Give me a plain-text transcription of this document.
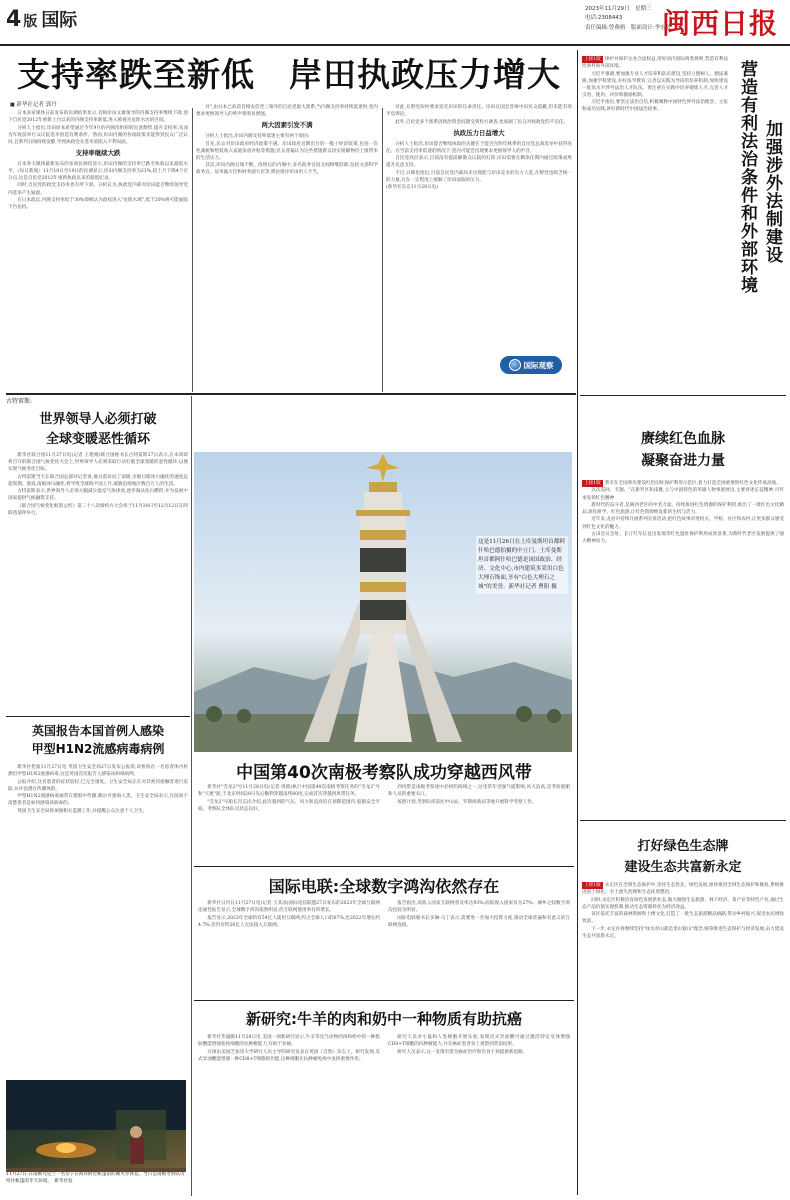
4 版 国际
2023年11月29日　星期三
电话:2308443
责任编辑:曾燕榕　版面设计:李宏芳
闽西日报
支持率跌至新低　岸田执政压力增大
■ 新华社记者 郭丹

日本多家媒体日前发布的民调结果显示,首相岸田文雄领导的内阁支持率继续下降,创下自民党2012年重新上台以来的内阁支持率新低,进入被视为危险水位的区间。

分析人士指出,岸田原本希望通过今年9月的内阁改组扭转民意颓势,提升支持率,从而为年底前举行众议院选举创造有利条件。然而,岸田内阁的各项政策未能得到民众广泛认同,且系列丑闻持续发酵,导致执政党在选举前陷入不利局面。

支持率继续大跌

日本各大媒体最新发布的多项民调均显示,岸田内阁的支持率已跌至执政以来最低水平。《每日新闻》11月18日至19日的民调显示,岸田内阁支持率为21%,较上月下降4个百分点,这是自民党2012年重新执政以来的最低纪录。

同时,自民党的政党支持率也有所下滑。分析认为,执政党内部对岸田能否继续领导党内选举产生疑虑。

在日本政坛,内阁支持率低于30%即被认为政权进入"危险水域",低于20%则可能面临下台危机。

对",由日本已故前首相安倍晋三领导的自民党最大派系,当内阁支持率持续低迷时,党内要求更换领导人的呼声将明显增强。

两大因素引发不满

分析人士指出,岸田内阁支持率低迷主要有两个原因:

首先,民众对岸田政府经济政策不满。岸田政府近期出台的一揽子经济政策,包括一次性减税和给低收入家庭发放补贴等措施,民众普遍认为这些措施难以切实缓解物价上涨带来的生活压力。

其次,岸田内阁丑闻不断。改组后的内阁中,多名政务官因丑闻相继辞职,包括文部科学政务官、法务副大臣和财务副大臣等,舆论批评岸田用人不当。

对此,在野党纷纷要求追究岸田的任命责任。岸田在国会答辩中向民众道歉,但未能有效平息舆论。

此外,自民党多个派系因政治资金问题受到检方调查,也加剧了民众对执政党的不信任。

执政压力日益增大

分析人士指出,岸田能否继续执政的关键在于能否在明年秋季的自民党总裁选举中获得连任。在当前支持率低迷的情况下,党内可能会出现要求更换领导人的声音。

自民党高层表示,目前没有提前解散众议院的打算,岸田需要在剩余任期内通过政策成果提升民意支持。

不过,日媒也指出,目前自民党内部尚未出现能与岸田竞争的有力人选,在野党也缺乏统一的力量,这在一定程度上缓解了岸田面临的压力。

(新华社东京11月28日电)

国际观察
营造有利法治条件和外部环境 加强涉外法制建设

上接1版 律护并保护企业合法权益,用好国内国际两类规则,营造有利法治条件和外部环境。

习近平强调,要加强专业人才培养和队伍建设,坚持立德树人、德法兼修,加强学科建设,办好法学教育,完善以实践为导向的培养机制,加快建设一批高水平涉外法治人才队伍。要注重在实践中培养锻炼人才,完善人才引进、使用、评价和激励机制。

习近平指出,要坚定法治自信,积极阐释中国特色涉外法治理念、主张和成功实践,讲好新时代中国法治故事。

赓续红色血脉
凝聚奋进力量

上接1版 我市在全国率先建设红色旧址保护利用示范区,着力打造全国重要的红色文化传承高地。

这次巡回、专题、"在新罗区和南雅,立与中国特色的英雄人物事迹展出,主要讲述长征精神,可传承发扬红色精神

新时代的奋斗者,是闽西老区的中坚力量。持续推进红色资源的保护利用,推出了一批红色文化精品,深化研学、红色旅游,让红色资源焕发新的生机与活力。

近年来,龙岩市持续开展系列宣讲活动,把红色故事讲进机关、学校、社区和农村,让更多群众感受到红色文化的魅力。

古田会议会址、长汀红军长征出发地等红色遗址保护利用成效显著,为新时代老区发展提供了强大精神动力。

打好绿色生态牌
建设生态共富新永定

上接1版 永定区在全域生态保护中,坚持生态优先、绿色发展,加快推进全域生态保护和修复,系统推进国土绿化、水土流失治理和生态环境整治。

同时,永定区积极培育绿色发展新业态,做大做强生态旅游、林下经济、茶产业等特色产业,通过生态产品价值实现机制,推动生态资源转化为经济效益。

该区依托丰富的森林资源和土楼文化,打造了一批生态旅游精品线路,带动乡村振兴,促进农民增收致富。

下一步,永定区将继续坚持"绿水青山就是金山银山"理念,统筹推进生态保护与经济发展,奋力建设生态共富新永定。

古特雷斯:
世界领导人必须打破
全球变暖恶性循环

新华社联合国11月27日电(记者 王建刚)联合国秘书长古特雷斯27日表示,在本周即将召开的联合国气候变化大会上,世界领导人必须采取行动打破全球变暖的恶性循环,以便实现气候变化目标。

古特雷斯当天在联合国总部对记者说,他日前访问了南极,亲眼目睹冰川融化的速度远超预期。他说,南极冰川融化,将导致全球海平面上升,威胁沿海地区数百万人的生活。

古特雷斯表示,世界领导人必须大幅减少温室气体排放,逐步淘汰化石燃料,并为发展中国家提供气候融资支持。

《联合国气候变化框架公约》第二十八次缔约方大会将于11月30日至12月12日在阿联酋迪拜举行。

英国报告本国首例人感染
甲型H1N2流感病毒病例

新华社伦敦11月27日电 英国卫生安全局27日发布公报说,该机构在一名患者体内检测出甲型H1N2流感病毒,这是英国首次报告人感染该病毒病例。

公报介绍,这名患者的症状较轻,已完全康复。卫生安全局正在对其密切接触者进行追踪,并评估潜在传播风险。

甲型H1N2流感病毒通常在猪群中传播,偶尔可感染人类。卫生安全局表示,目前尚不清楚患者是如何感染该病毒的。

英国卫生安全局将加强相关监测工作,并提醒公众注意个人卫生。

11月27日,在南极乌克兰一名女子在海岸附近帐篷前的篝火旁休息。当日是南极考察队员所住帐篷的冬天环境。　新华社发
这是11月26日在土库曼斯坦首都阿什哈巴德拍摄的中立门。土库曼斯坦首都阿什哈巴德是该国政治、经济、文化中心,市内建筑多采用白色大理石饰面,享有"白色大理石之城"的美誉。新华社记者 曹阳 摄
中国第40次南极考察队成功穿越西风带

新华社"雪龙2"号11月28日电(记者 周圆)执行中国第40次南极考察任务的"雪龙2"号和"天惠"轮,于北京时间28日先后顺利穿越南纬60度,完成首次穿越西风带任务。

"雪龙2"号船长肖志民介绍,此次遇到的气压、风力和浪高均在预期范围内,船舶安全平稳。考察队全体队员状态良好。

西风带是南极考察途中必经的海域之一,这里常年受强气旋影响,风大浪高,是考验船舶和人员的重要关口。

按照计划,考察队将前往中山站、罗斯海新站等地开展科学考察工作。

国际电联:全球数字鸿沟依然存在

新华社日内瓦11月27日电(记者 王其冰)国际电信联盟27日发布的2023年全球互联网连通性报告显示,全球数字鸿沟依然明显,但互联网使用率有所增长。

报告显示,2023年全球约有54亿人使用互联网,约占全球人口的67%,比2022年增长约4.7%,但仍有约26亿人无法接入互联网。

报告指出,高收入国家互联网普及率达93%,而低收入国家仅为27%。城乡之间数字鸿沟也较为明显。

国际电联秘书长多琳·马丁表示,需要进一步加大投资力度,推动全球普遍和有意义的互联网连接。

新研究:牛羊的肉和奶中一种物质有助抗癌

新华社华盛顿11月28日电 美国一项新研究显示,牛羊等反刍动物的肉和奶中的一种脂肪酸能增强免疫细胞的抗肿瘤能力,有助于抗癌。

这项由美国芝加哥大学研究人员主导的研究发表在英国《自然》杂志上。研究发现,反式异油酸能增强一种CD8+T细胞的功能,这种细胞在抗肿瘤免疫中发挥重要作用。

研究人员对小鼠和人类细胞开展实验,发现反式异油酸可通过激活特定受体增强CD8+T细胞的抗肿瘤能力,并在癌症患者身上观察到类似结果。

研究人员表示,这一发现有望为癌症治疗和饮食干预提供新思路。
